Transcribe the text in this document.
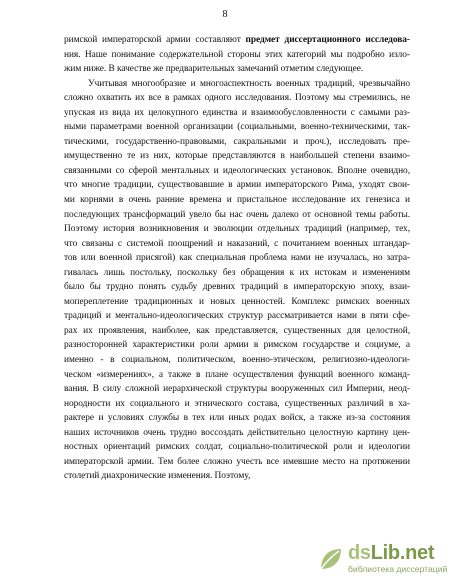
8
римской императорской армии составляют предмет диссертационного исследова-
ния. Наше понимание содержательной стороны этих категорий мы подробно изло-
жим ниже. В качестве же предварительных замечаний отметим следующее.
Учитывая многообразие и многоаспектность военных традиций, чрезвычайно
сложно охватить их все в рамках одного исследования. Поэтому мы стремились, не
упуская из вида их целокупного единства и взаимообусловленности с самыми раз-
ными параметрами военной организации (социальными, военно-техническими, так-
тическими, государственно-правовыми, сакральными и проч.), исследовать пре-
имущественно те из них, которые представляются в наибольшей степени взаимо-
связанными со сферой ментальных и идеологических установок. Вполне очевидно,
что многие традиции, существовавшие в армии императорского Рима, уходят свои-
ми корнями в очень ранние времена и пристальное исследование их генезиса и
последующих трансформаций увело бы нас очень далеко от основной темы работы.
Поэтому история возникновения и эволюции отдельных традиций (например, тех,
что связаны с системой поощрений и наказаний, с почитанием военных штандар-
тов или военной присягой) как специальная проблема нами не изучалась, но затра-
гивалась лишь постольку, поскольку без обращения к их истокам и изменениям
было бы трудно понять судьбу древних традиций в императорскую эпоху, взаи-
мопереплетение традиционных и новых ценностей. Комплекс римских военных
традиций и ментально-идеологических структур рассматривается нами в пяти сфе-
рах их проявления, наиболее, как представляется, существенных для целостной,
разносторонней характеристики роли армии в римском государстве и социуме, а
именно - в социальном, политическом, военно-этическом, религиозно-идеологи-
ческом «измерениях», а также в плане осуществления функций военного команд-
вания. В силу сложной иерархической структуры вооруженных сил Империи, неод-
нородности их социального и этнического состава, существенных различий в ха-
рактере и условиях службы в тех или иных родах войск, а также из-за состояния
наших источников очень трудно воссоздать действительно целостную картину цен-
ностных ориентаций римских солдат, социально-политической роли и идеологии
императорской армии. Тем более сложно учесть все имевшие место на протяжении
столетий диахронические изменения. Поэтому,
dsLib.net
библиотека диссертаций
